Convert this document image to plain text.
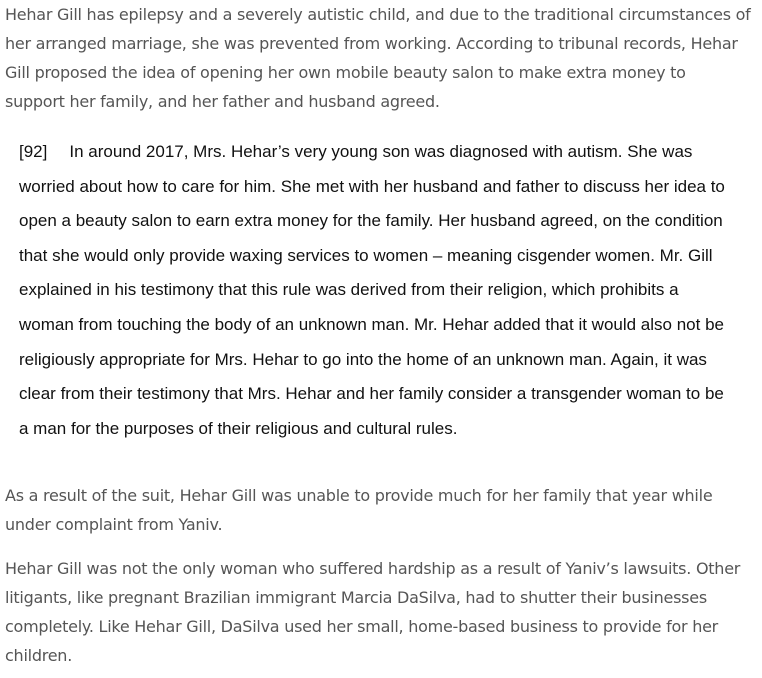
Hehar Gill has epilepsy and a severely autistic child, and due to the traditional circumstances of
her arranged marriage, she was prevented from working. According to tribunal records, Hehar
Gill proposed the idea of opening her own mobile beauty salon to make extra money to
support her family, and her father and husband agreed.

[92] In around 2017, Mrs. Hehar’s very young son was diagnosed with autism. She was
worried about how to care for him. She met with her husband and father to discuss her idea to
open a beauty salon to earn extra money for the family. Her husband agreed, on the condition
that she would only provide waxing services to women – meaning cisgender women. Mr. Gill
explained in his testimony that this rule was derived from their religion, which prohibits a
woman from touching the body of an unknown man. Mr. Hehar added that it would also not be
religiously appropriate for Mrs. Hehar to go into the home of an unknown man. Again, it was
clear from their testimony that Mrs. Hehar and her family consider a transgender woman to be
a man for the purposes of their religious and cultural rules.

As a result of the suit, Hehar Gill was unable to provide much for her family that year while
under complaint from Yaniv.

Hehar Gill was not the only woman who suffered hardship as a result of Yaniv’s lawsuits. Other
litigants, like pregnant Brazilian immigrant Marcia DaSilva, had to shutter their businesses
completely. Like Hehar Gill, DaSilva used her small, home-based business to provide for her
children.
